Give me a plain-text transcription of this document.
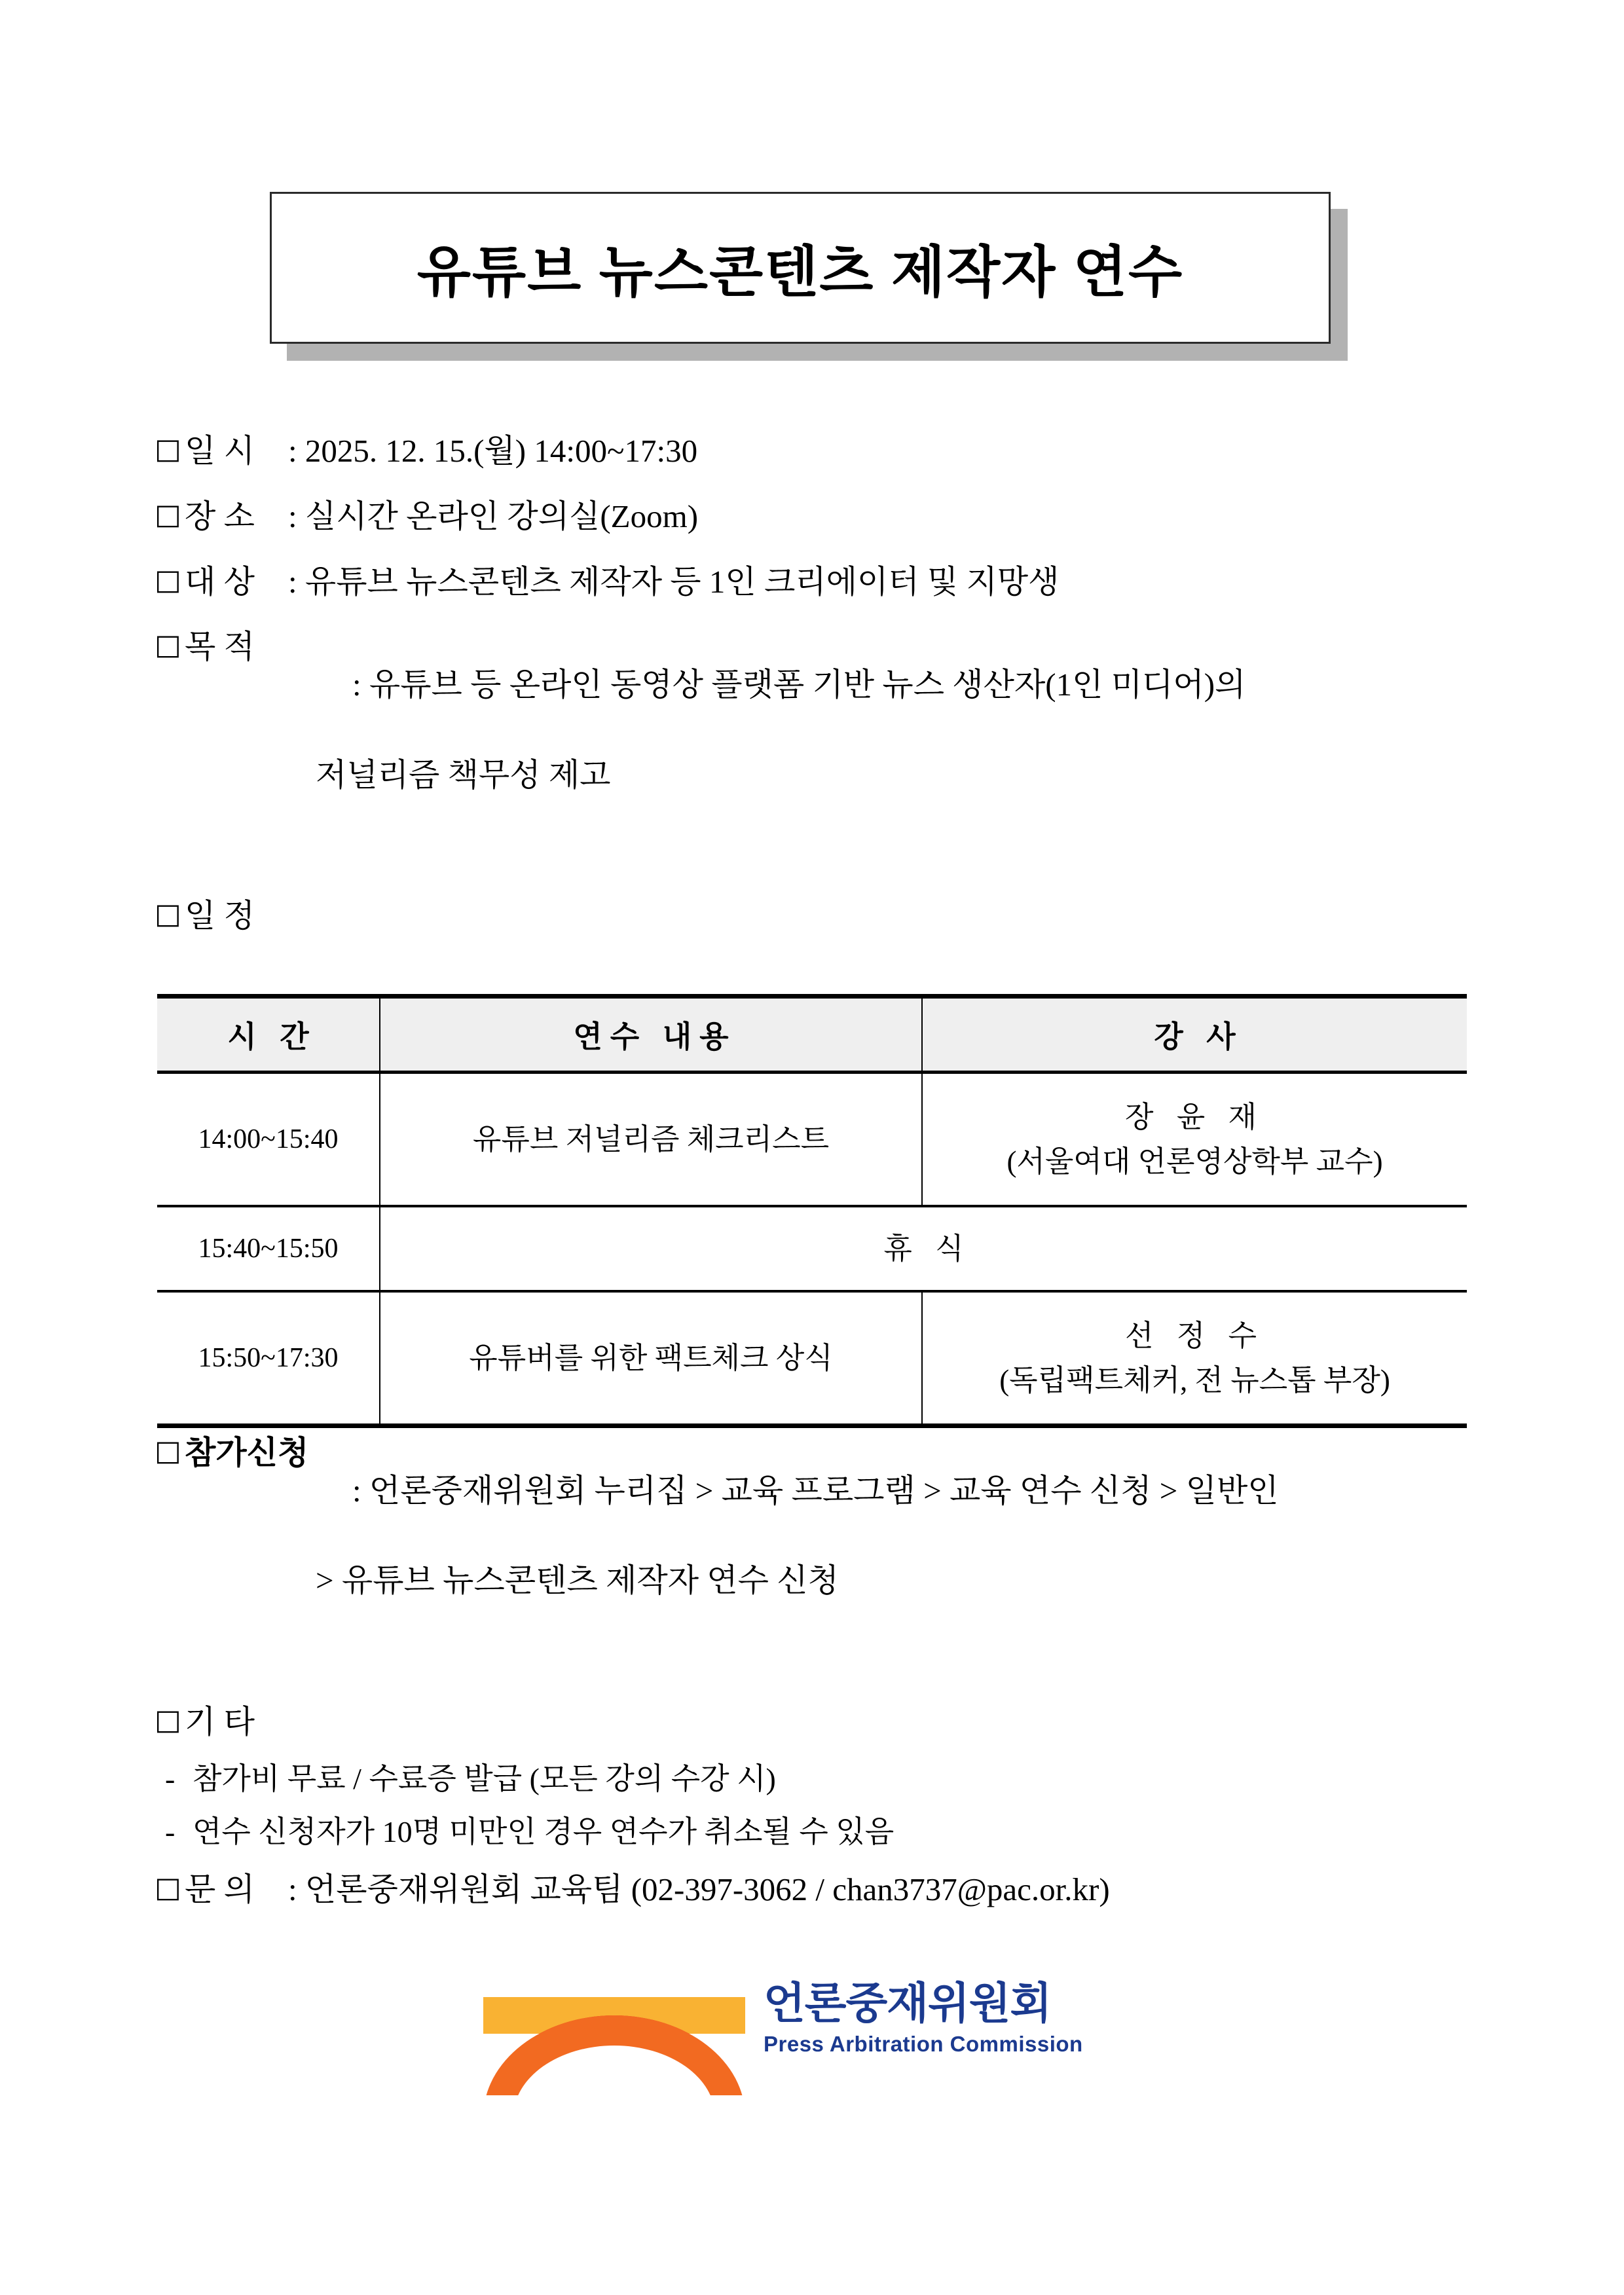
유튜브 뉴스콘텐츠 제작자 연수
□ 일 시	: 2025. 12. 15.(월) 14:00~17:30
□ 장 소	: 실시간 온라인 강의실(Zoom)
□ 대 상	: 유튜브 뉴스콘텐츠 제작자 등 1인 크리에이터 및 지망생
□ 목 적

: 유튜브 등 온라인 동영상 플랫폼 기반 뉴스 생산자(1인 미디어)의

저널리즘 책무성 제고

□ 일 정
시 간	연수 내용	강 사
14:00~15:40	유튜브 저널리즘 체크리스트	장 윤 재
(서울여대 언론영상학부 교수)

15:40~15:50	휴 식	
15:50~17:30	유튜버를 위한 팩트체크 상식	선 정 수
(독립팩트체커, 전 뉴스톱 부장)
□ 참가신청

: 언론중재위원회 누리집 > 교육 프로그램 > 교육 연수 신청 > 일반인

> 유튜브 뉴스콘텐츠 제작자 연수 신청

□ 기 타
- 참가비 무료 / 수료증 발급 (모든 강의 수강 시)
- 연수 신청자가 10명 미만인 경우 연수가 취소될 수 있음
□ 문 의	: 언론중재위원회 교육팀 (02-397-3062 / chan3737@pac.or.kr)
언론중재위원회
Press Arbitration Commission
